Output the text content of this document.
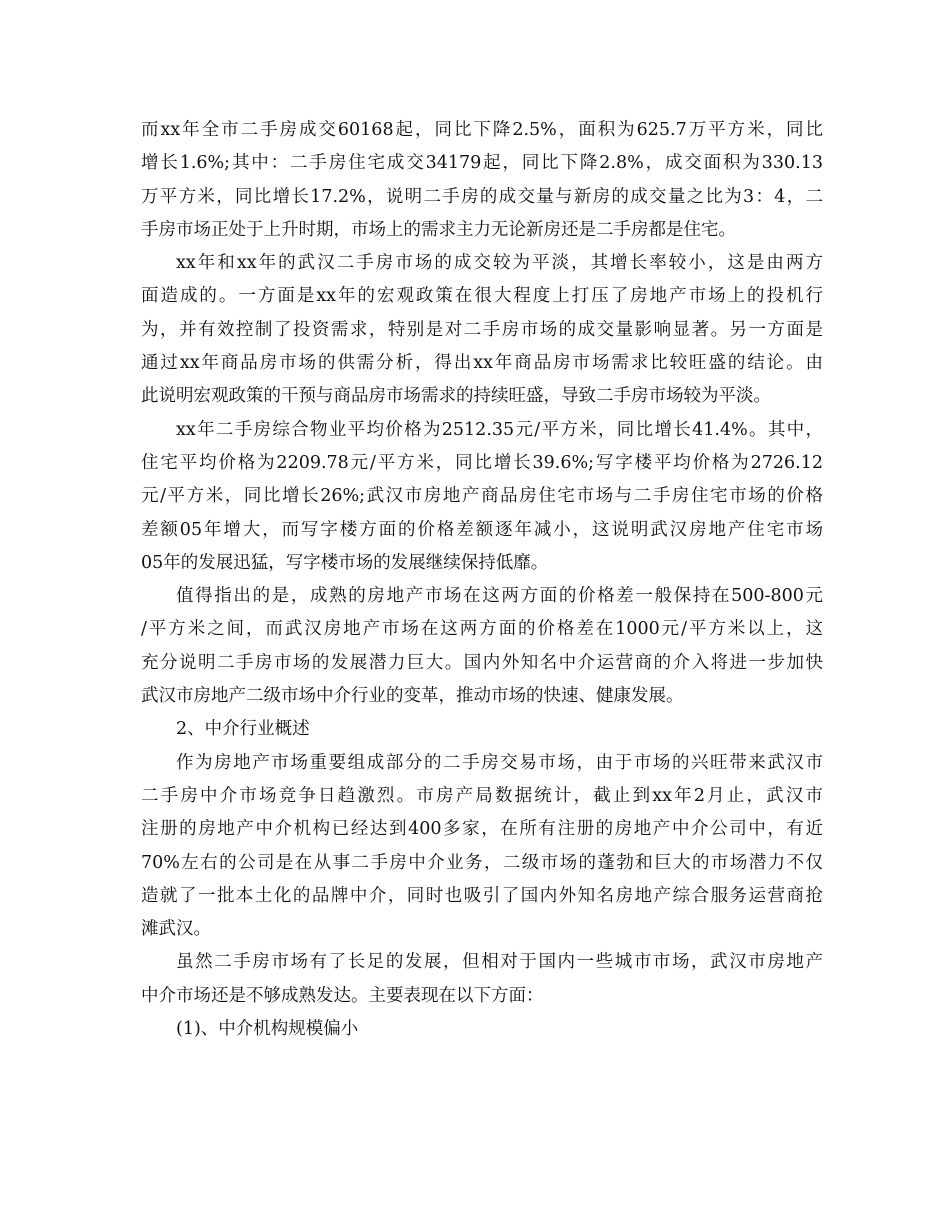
而xx年全市二手房成交60168起，同比下降2.5%，面积为625.7万平方米，同比
增长1.6%;其中：二手房住宅成交34179起，同比下降2.8%，成交面积为330.13
万平方米，同比增长17.2%，说明二手房的成交量与新房的成交量之比为3：4，二
手房市场正处于上升时期，市场上的需求主力无论新房还是二手房都是住宅。
xx年和xx年的武汉二手房市场的成交较为平淡，其增长率较小，这是由两方
面造成的。一方面是xx年的宏观政策在很大程度上打压了房地产市场上的投机行
为，并有效控制了投资需求，特别是对二手房市场的成交量影响显著。另一方面是
通过xx年商品房市场的供需分析，得出xx年商品房市场需求比较旺盛的结论。由
此说明宏观政策的干预与商品房市场需求的持续旺盛，导致二手房市场较为平淡。
xx年二手房综合物业平均价格为2512.35元/平方米，同比增长41.4%。其中，
住宅平均价格为2209.78元/平方米，同比增长39.6%;写字楼平均价格为2726.12
元/平方米，同比增长26%;武汉市房地产商品房住宅市场与二手房住宅市场的价格
差额05年增大，而写字楼方面的价格差额逐年减小，这说明武汉房地产住宅市场
05年的发展迅猛，写字楼市场的发展继续保持低靡。
值得指出的是，成熟的房地产市场在这两方面的价格差一般保持在500-800元
/平方米之间，而武汉房地产市场在这两方面的价格差在1000元/平方米以上，这
充分说明二手房市场的发展潜力巨大。国内外知名中介运营商的介入将进一步加快
武汉市房地产二级市场中介行业的变革，推动市场的快速、健康发展。
2、中介行业概述
作为房地产市场重要组成部分的二手房交易市场，由于市场的兴旺带来武汉市
二手房中介市场竞争日趋激烈。市房产局数据统计，截止到xx年2月止，武汉市
注册的房地产中介机构已经达到400多家，在所有注册的房地产中介公司中，有近
70%左右的公司是在从事二手房中介业务，二级市场的蓬勃和巨大的市场潜力不仅
造就了一批本土化的品牌中介，同时也吸引了国内外知名房地产综合服务运营商抢
滩武汉。
虽然二手房市场有了长足的发展，但相对于国内一些城市市场，武汉市房地产
中介市场还是不够成熟发达。主要表现在以下方面：
(1)、中介机构规模偏小
